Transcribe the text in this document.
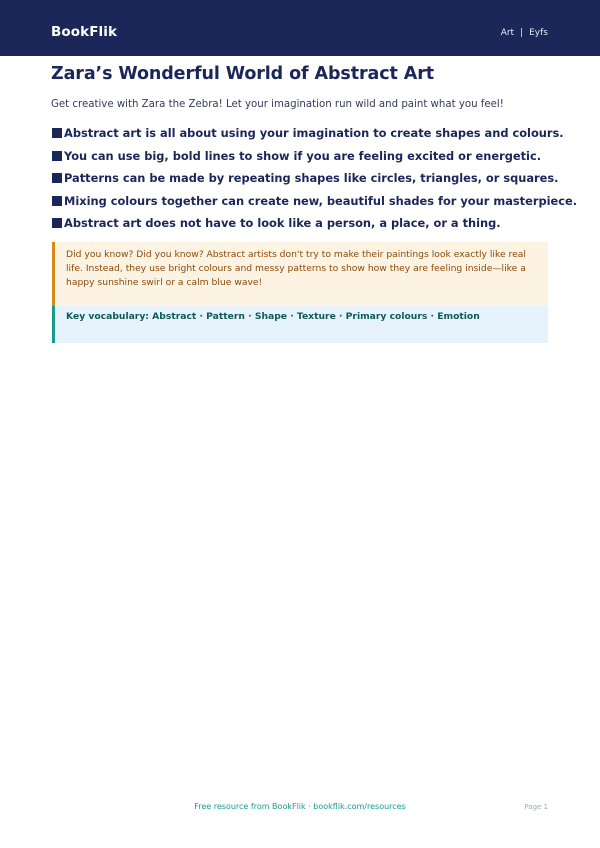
BookFlik	Art | Eyfs
Zara’s Wonderful World of Abstract Art
Get creative with Zara the Zebra! Let your imagination run wild and paint what you feel!
Abstract art is all about using your imagination to create shapes and colours.
You can use big, bold lines to show if you are feeling excited or energetic.
Patterns can be made by repeating shapes like circles, triangles, or squares.
Mixing colours together can create new, beautiful shades for your masterpiece.
Abstract art does not have to look like a person, a place, or a thing.
Did you know? Did you know? Abstract artists don't try to make their paintings look exactly like real life. Instead, they use bright colours and messy patterns to show how they are feeling inside—like a happy sunshine swirl or a calm blue wave!
Key vocabulary: Abstract · Pattern · Shape · Texture · Primary colours · Emotion
Free resource from BookFlik · bookflik.com/resources	Page 1
